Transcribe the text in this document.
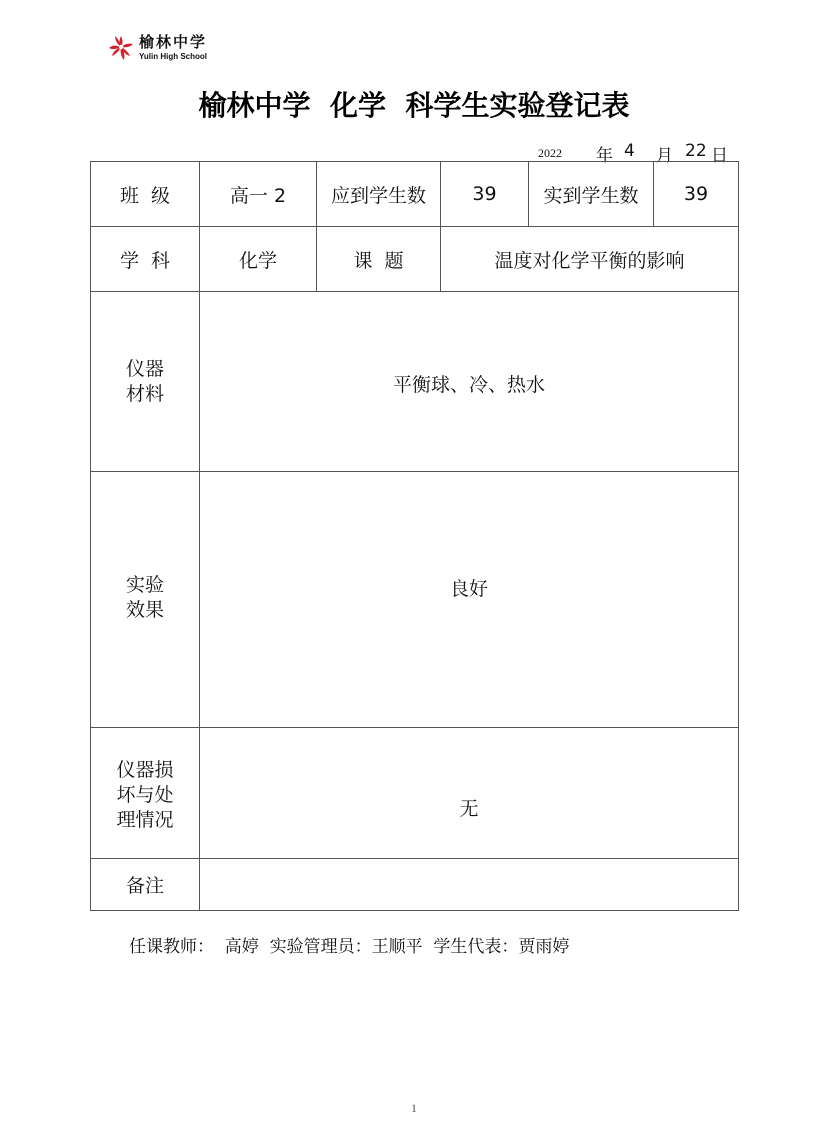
榆林中学
Yulin High School
榆林中学  化学  科学生实验登记表
2022 年 4 月 22 日
班  级	高一 2	应到学生数	39	实到学生数	39
学  科	化学	课  题	温度对化学平衡的影响		
仪器
材料	平衡球、冷、热水				
实验
效果	良好				

仪器损
坏与处
理情况	无				
备注					
任课教师：  高婷  实验管理员：王顺平  学生代表：贾雨婷
1
